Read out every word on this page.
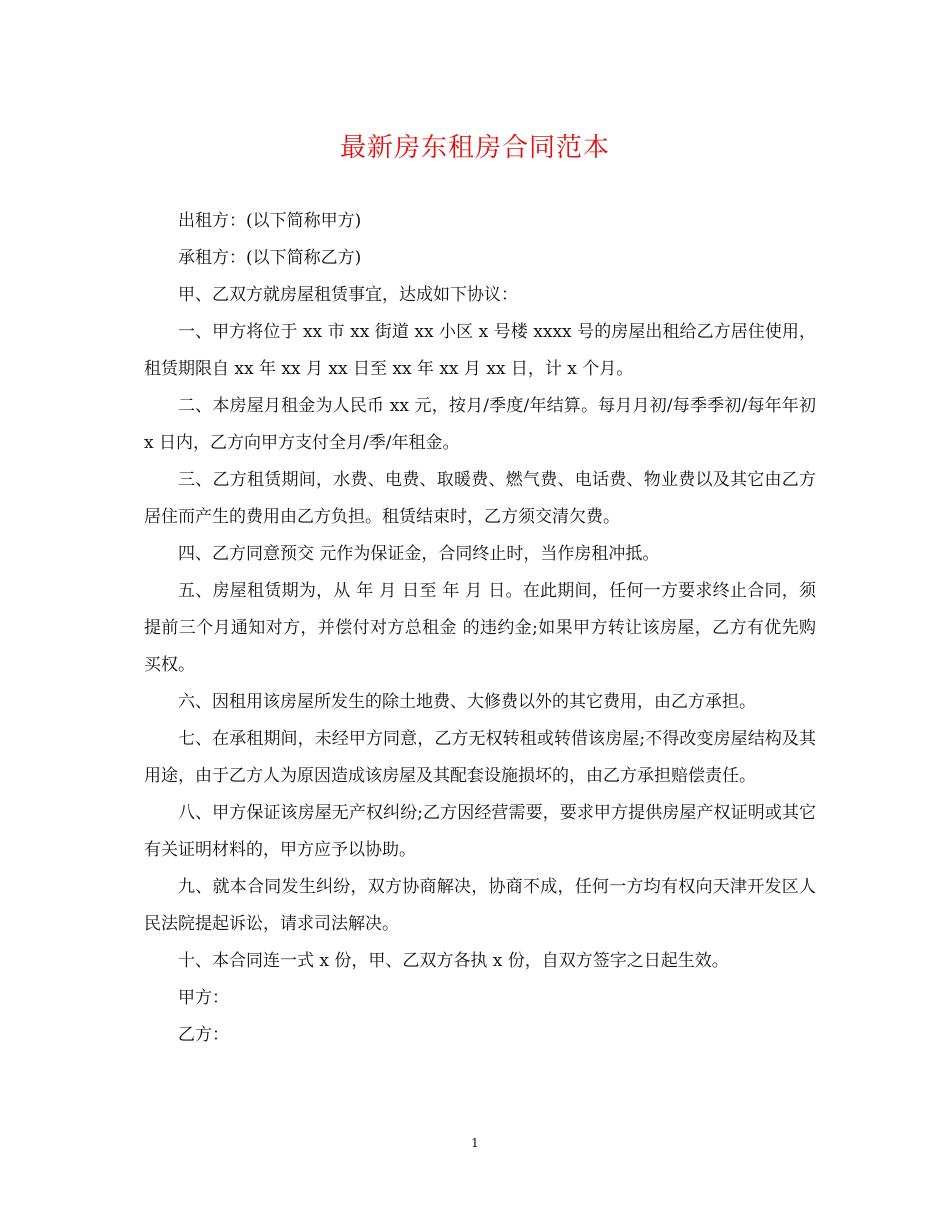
最新房东租房合同范本

出租方：(以下简称甲方)

承租方：(以下简称乙方)

甲、乙双方就房屋租赁事宜，达成如下协议：

一、甲方将位于 xx 市 xx 街道 xx 小区 x 号楼 xxxx 号的房屋出租给乙方居住使用，租赁期限自 xx 年 xx 月 xx 日至 xx 年 xx 月 xx 日，计 x 个月。

二、本房屋月租金为人民币 xx 元，按月/季度/年结算。每月月初/每季季初/每年年初 x 日内，乙方向甲方支付全月/季/年租金。

三、乙方租赁期间，水费、电费、取暖费、燃气费、电话费、物业费以及其它由乙方居住而产生的费用由乙方负担。租赁结束时，乙方须交清欠费。

四、乙方同意预交 元作为保证金，合同终止时，当作房租冲抵。

五、房屋租赁期为，从 年 月 日至 年 月 日。在此期间，任何一方要求终止合同，须提前三个月通知对方，并偿付对方总租金 的违约金;如果甲方转让该房屋，乙方有优先购买权。

六、因租用该房屋所发生的除土地费、大修费以外的其它费用，由乙方承担。

七、在承租期间，未经甲方同意，乙方无权转租或转借该房屋;不得改变房屋结构及其用途，由于乙方人为原因造成该房屋及其配套设施损坏的，由乙方承担赔偿责任。

八、甲方保证该房屋无产权纠纷;乙方因经营需要，要求甲方提供房屋产权证明或其它有关证明材料的，甲方应予以协助。

九、就本合同发生纠纷，双方协商解决，协商不成，任何一方均有权向天津开发区人民法院提起诉讼，请求司法解决。

十、本合同连一式 x 份，甲、乙双方各执 x 份，自双方签字之日起生效。

甲方：

乙方：

1
